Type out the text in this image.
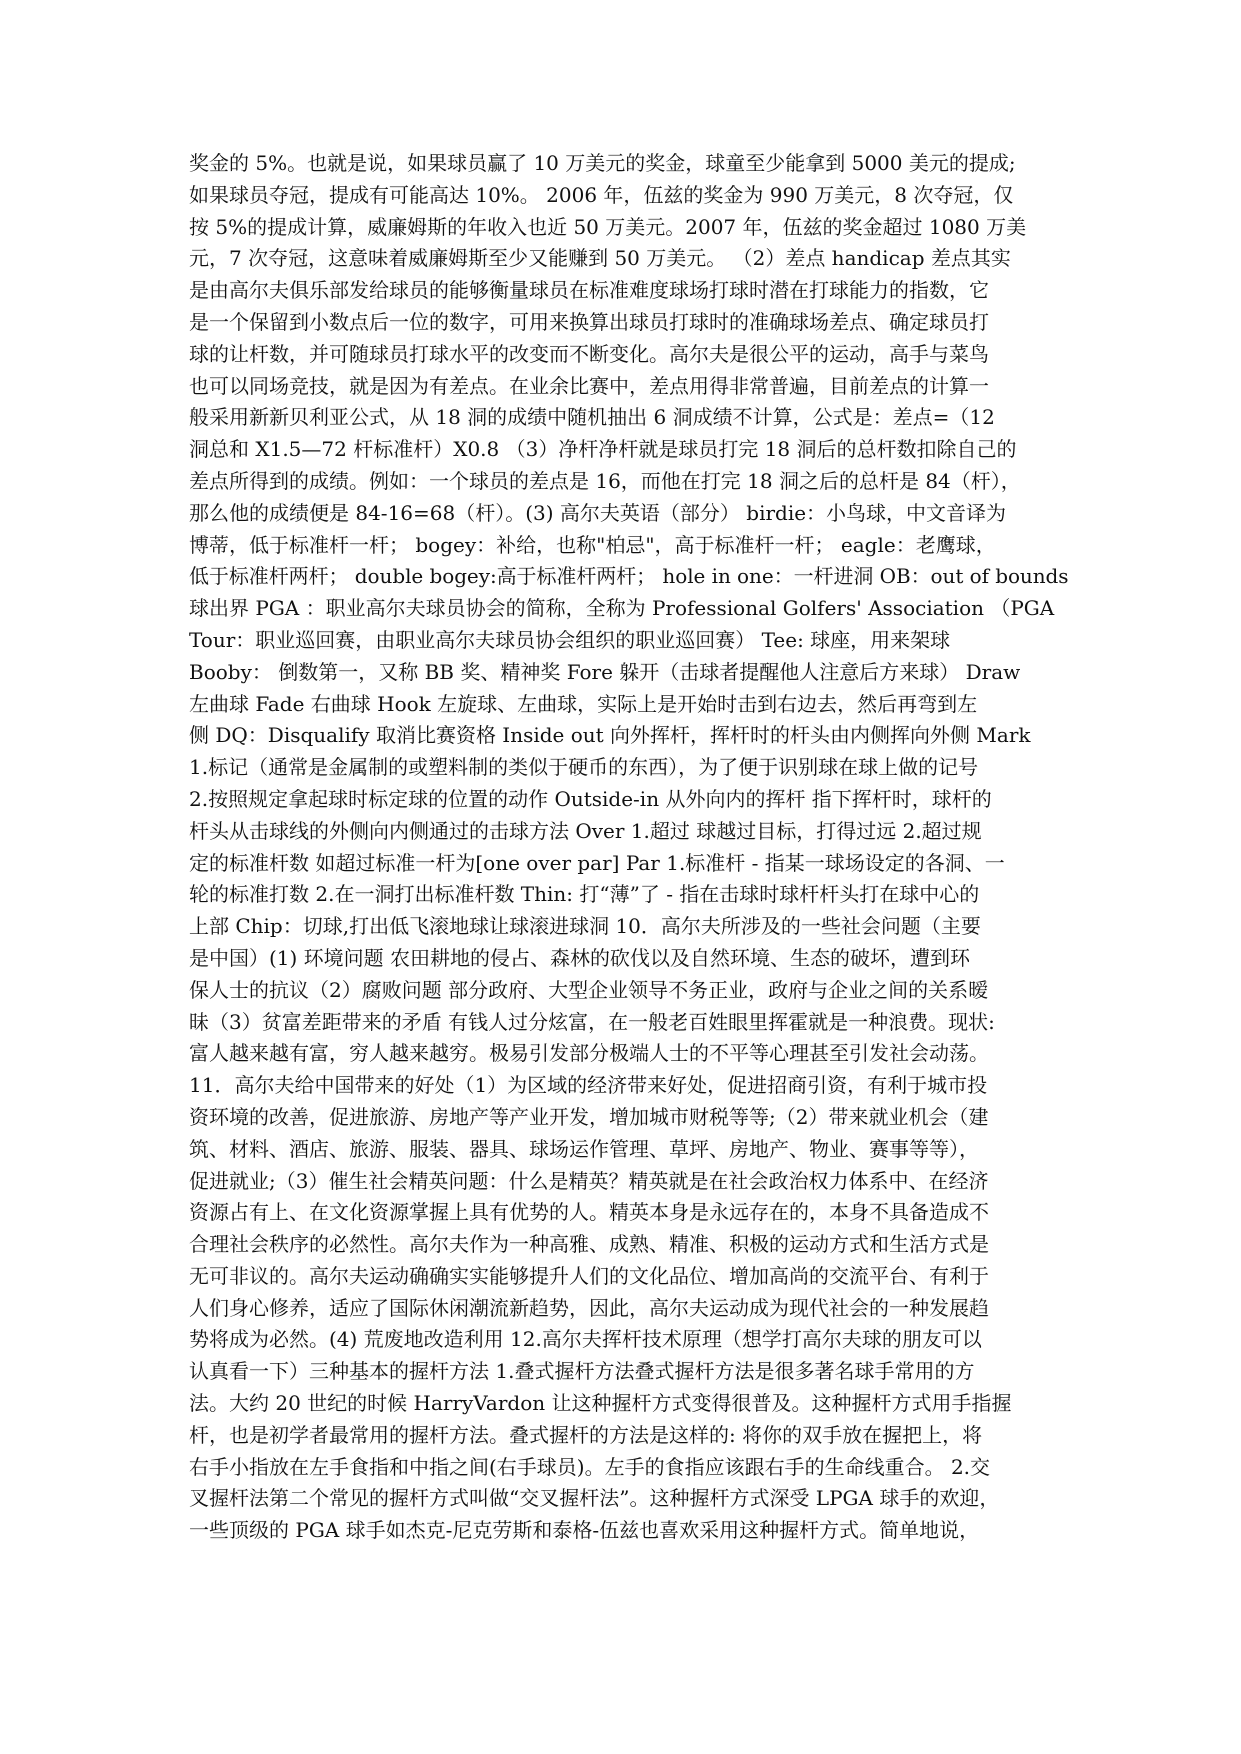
奖金的 5%。也就是说，如果球员赢了 10 万美元的奖金，球童至少能拿到 5000 美元的提成;
如果球员夺冠，提成有可能高达 10%。 2006 年，伍兹的奖金为 990 万美元，8 次夺冠，仅
按 5%的提成计算，威廉姆斯的年收入也近 50 万美元。2007 年，伍兹的奖金超过 1080 万美
元，7 次夺冠，这意味着威廉姆斯至少又能赚到 50 万美元。 （2）差点 handicap 差点其实
是由高尔夫俱乐部发给球员的能够衡量球员在标准难度球场打球时潜在打球能力的指数，它
是一个保留到小数点后一位的数字，可用来换算出球员打球时的准确球场差点、确定球员打
球的让杆数，并可随球员打球水平的改变而不断变化。高尔夫是很公平的运动，高手与菜鸟
也可以同场竞技，就是因为有差点。在业余比赛中，差点用得非常普遍，目前差点的计算一
般采用新新贝利亚公式，从 18 洞的成绩中随机抽出 6 洞成绩不计算，公式是：差点=（12
洞总和 X1.5—72 杆标准杆）X0.8 （3）净杆净杆就是球员打完 18 洞后的总杆数扣除自己的
差点所得到的成绩。例如：一个球员的差点是 16，而他在打完 18 洞之后的总杆是 84（杆），
那么他的成绩便是 84-16=68（杆）。(3) 高尔夫英语（部分） birdie：小鸟球，中文音译为
博蒂，低于标准杆一杆； bogey：补给，也称"柏忌"，高于标准杆一杆； eagle：老鹰球，
低于标准杆两杆； double bogey:高于标准杆两杆； hole in one：一杆进洞 OB：out of bounds
球出界 PGA ：职业高尔夫球员协会的简称，全称为 Professional Golfers' Association （PGA
Tour：职业巡回赛，由职业高尔夫球员协会组织的职业巡回赛） Tee: 球座，用来架球
Booby： 倒数第一，又称 BB 奖、精神奖 Fore 躲开（击球者提醒他人注意后方来球） Draw
左曲球 Fade 右曲球 Hook 左旋球、左曲球，实际上是开始时击到右边去，然后再弯到左
侧 DQ：Disqualify 取消比赛资格 Inside out 向外挥杆，挥杆时的杆头由内侧挥向外侧 Mark
1.标记（通常是金属制的或塑料制的类似于硬币的东西），为了便于识别球在球上做的记号
2.按照规定拿起球时标定球的位置的动作 Outside-in 从外向内的挥杆 指下挥杆时，球杆的
杆头从击球线的外侧向内侧通过的击球方法 Over 1.超过 球越过目标，打得过远 2.超过规
定的标准杆数 如超过标准一杆为[one over par] Par 1.标准杆 - 指某一球场设定的各洞、一
轮的标准打数 2.在一洞打出标准杆数 Thin: 打“薄”了 - 指在击球时球杆杆头打在球中心的
上部 Chip：切球,打出低飞滚地球让球滚进球洞 10．高尔夫所涉及的一些社会问题（主要
是中国）(1) 环境问题 农田耕地的侵占、森林的砍伐以及自然环境、生态的破坏，遭到环
保人士的抗议（2）腐败问题 部分政府、大型企业领导不务正业，政府与企业之间的关系暧
昧（3）贫富差距带来的矛盾 有钱人过分炫富，在一般老百姓眼里挥霍就是一种浪费。现状:
富人越来越有富，穷人越来越穷。极易引发部分极端人士的不平等心理甚至引发社会动荡。
11．高尔夫给中国带来的好处（1）为区域的经济带来好处，促进招商引资，有利于城市投
资环境的改善，促进旅游、房地产等产业开发，增加城市财税等等;（2）带来就业机会（建
筑、材料、酒店、旅游、服装、器具、球场运作管理、草坪、房地产、物业、赛事等等），
促进就业;（3）催生社会精英问题：什么是精英？精英就是在社会政治权力体系中、在经济
资源占有上、在文化资源掌握上具有优势的人。精英本身是永远存在的，本身不具备造成不
合理社会秩序的必然性。高尔夫作为一种高雅、成熟、精准、积极的运动方式和生活方式是
无可非议的。高尔夫运动确确实实能够提升人们的文化品位、增加高尚的交流平台、有利于
人们身心修养，适应了国际休闲潮流新趋势，因此，高尔夫运动成为现代社会的一种发展趋
势将成为必然。(4) 荒废地改造利用 12.高尔夫挥杆技术原理（想学打高尔夫球的朋友可以
认真看一下）三种基本的握杆方法 1.叠式握杆方法叠式握杆方法是很多著名球手常用的方
法。大约 20 世纪的时候 HarryVardon 让这种握杆方式变得很普及。这种握杆方式用手指握
杆，也是初学者最常用的握杆方法。叠式握杆的方法是这样的: 将你的双手放在握把上，将
右手小指放在左手食指和中指之间(右手球员)。左手的食指应该跟右手的生命线重合。 2.交
叉握杆法第二个常见的握杆方式叫做“交叉握杆法”。这种握杆方式深受 LPGA 球手的欢迎，
一些顶级的 PGA 球手如杰克-尼克劳斯和泰格-伍兹也喜欢采用这种握杆方式。简单地说，
